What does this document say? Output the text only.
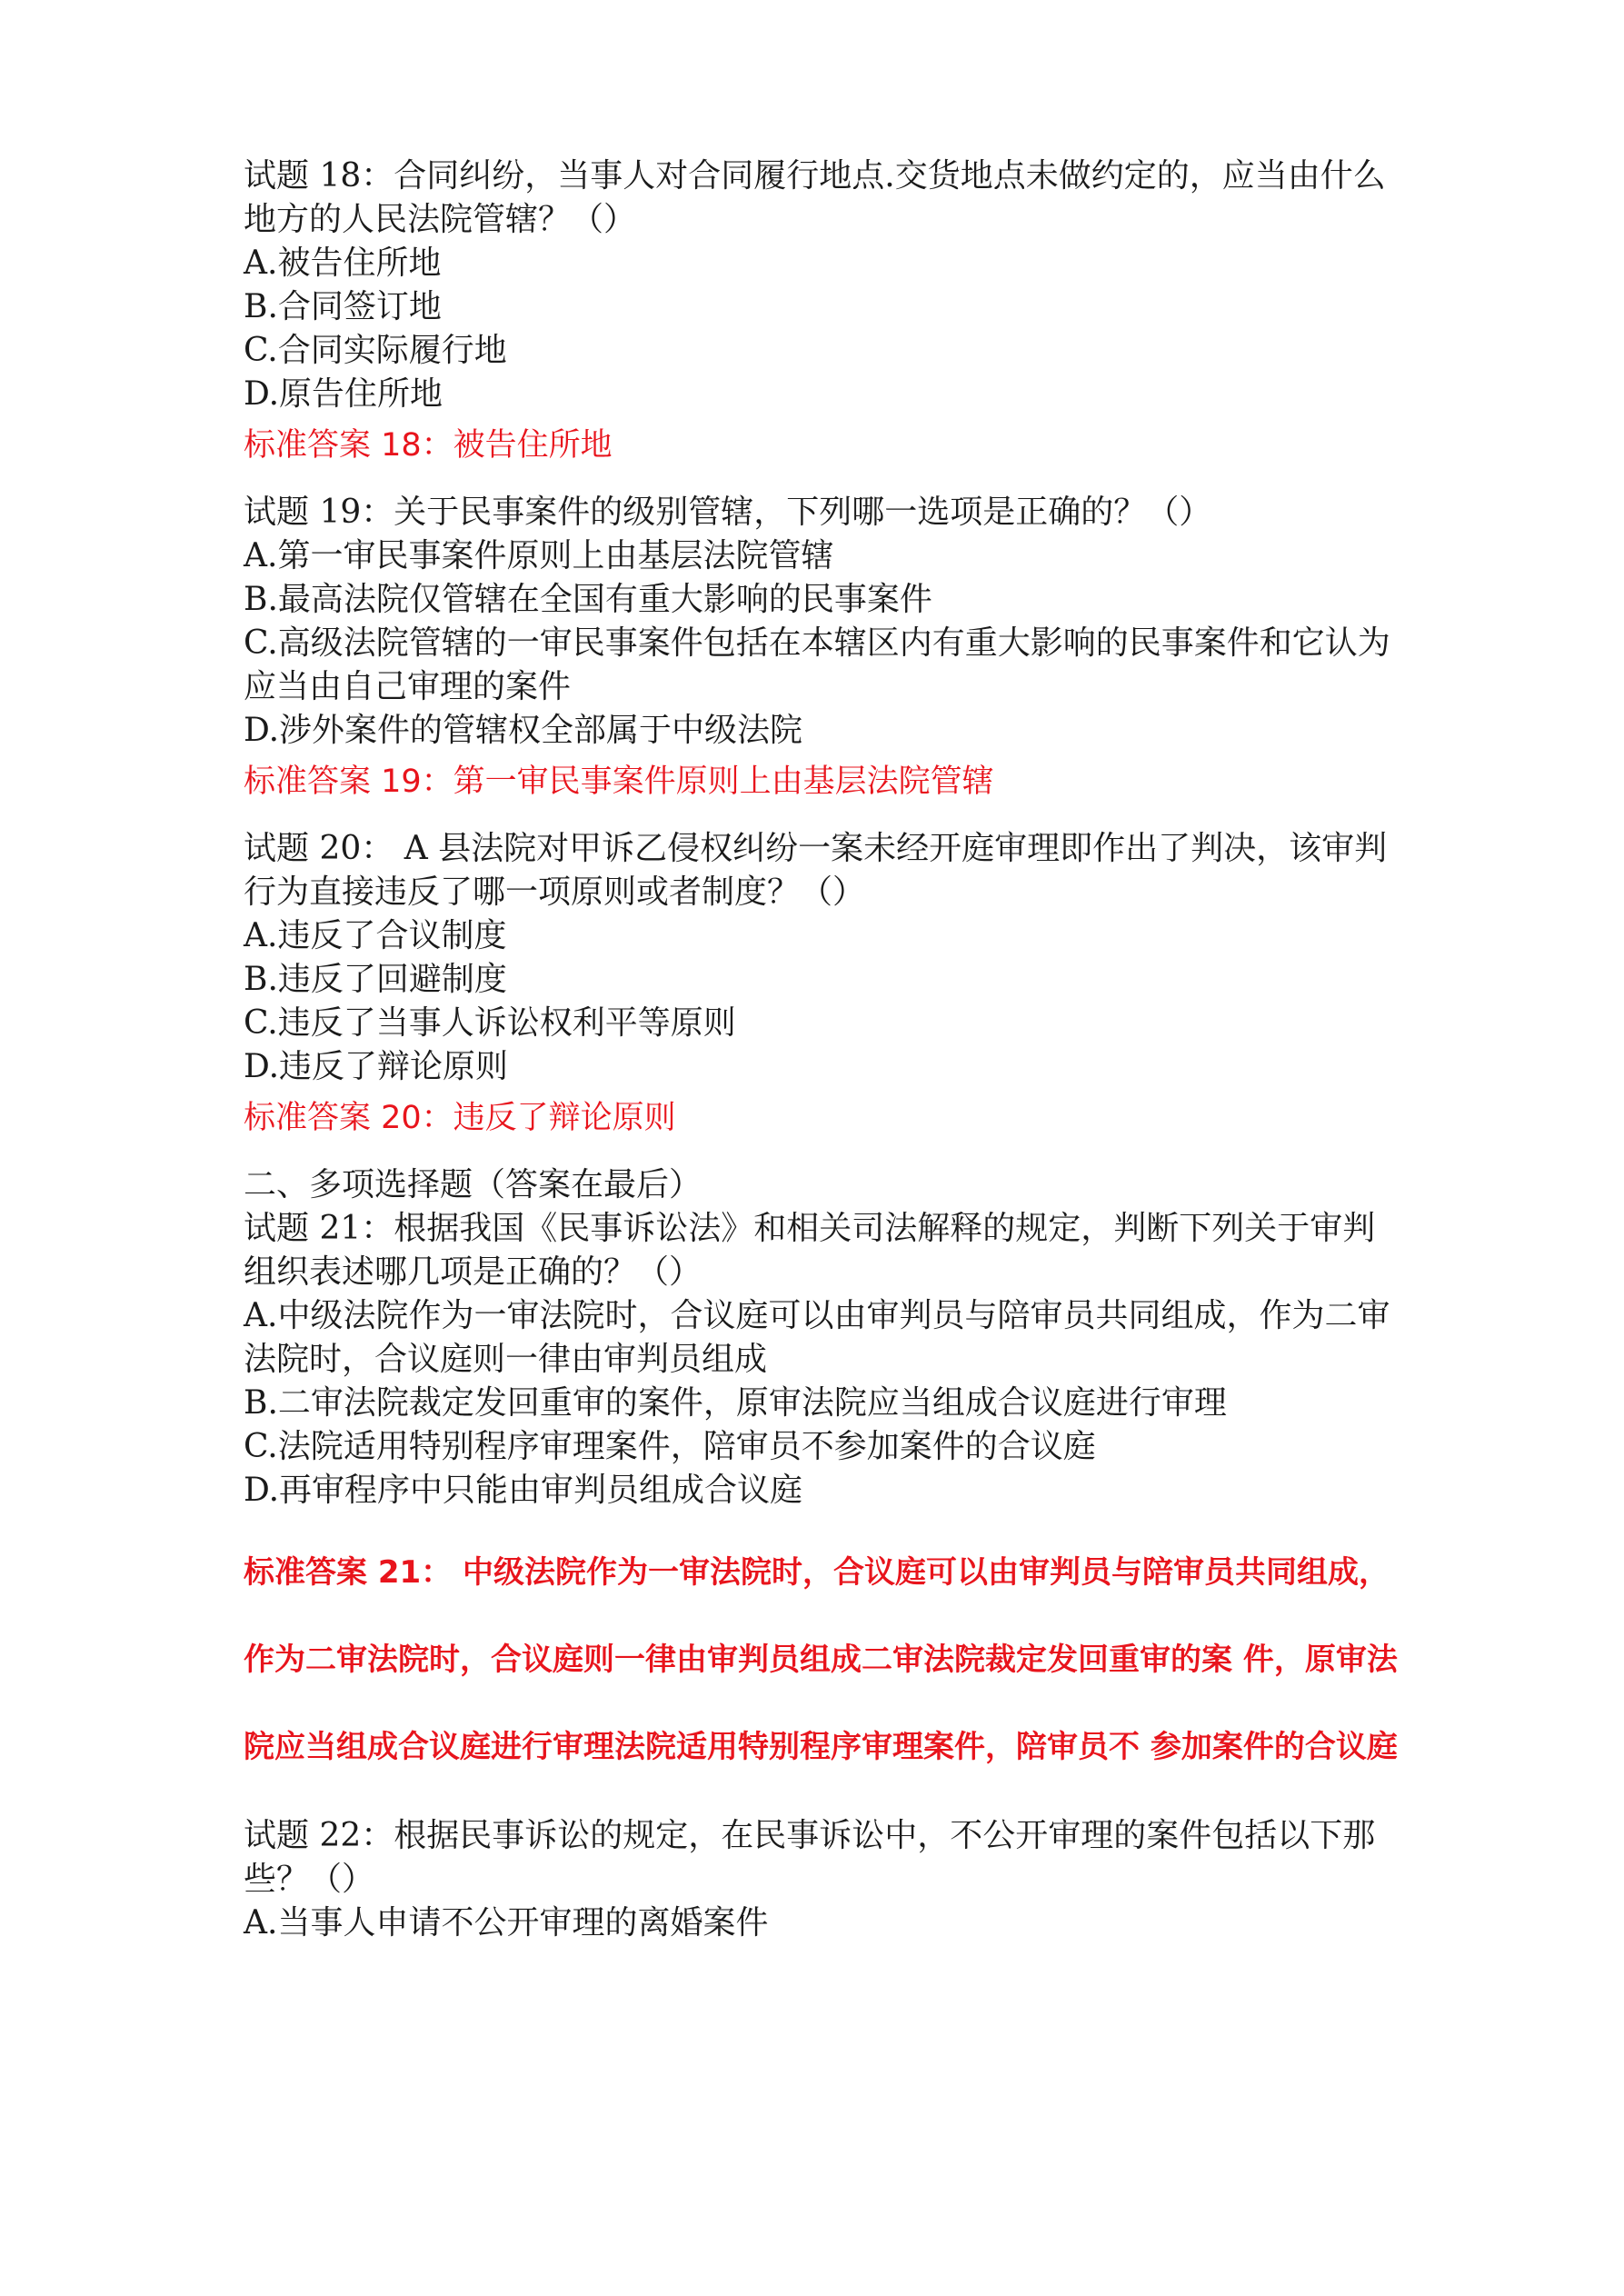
试题 18：合同纠纷，当事人对合同履行地点.交货地点未做约定的，应当由什么 地方的人民法院管辖？（）

A.被告住所地

B.合同签订地

C.合同实际履行地

D.原告住所地

标准答案 18：被告住所地

试题 19：关于民事案件的级别管辖，下列哪一选项是正确的？（）

A.第一审民事案件原则上由基层法院管辖

B.最高法院仅管辖在全国有重大影响的民事案件

C.高级法院管辖的一审民事案件包括在本辖区内有重大影响的民事案件和它认为应当由自己审理的案件

D.涉外案件的管辖权全部属于中级法院

标准答案 19：第一审民事案件原则上由基层法院管辖

试题 20： A 县法院对甲诉乙侵权纠纷一案未经开庭审理即作出了判决，该审判行为直接违反了哪一项原则或者制度？（）

A.违反了合议制度

B.违反了回避制度

C.违反了当事人诉讼权利平等原则

D.违反了辩论原则

标准答案 20：违反了辩论原则

二、多项选择题（答案在最后）

试题 21：根据我国《民事诉讼法》和相关司法解释的规定，判断下列关于审判 组织表述哪几项是正确的？（）

A.中级法院作为一审法院时，合议庭可以由审判员与陪审员共同组成，作为二审法院时，合议庭则一律由审判员组成

B.二审法院裁定发回重审的案件，原审法院应当组成合议庭进行审理

C.法院适用特别程序审理案件，陪审员不参加案件的合议庭

D.再审程序中只能由审判员组成合议庭

标准答案 21： 中级法院作为一审法院时，合议庭可以由审判员与陪审员共同组成，作为二审法院时，合议庭则一律由审判员组成二审法院裁定发回重审的案 件，原审法院应当组成合议庭进行审理法院适用特别程序审理案件，陪审员不 参加案件的合议庭

试题 22：根据民事诉讼的规定，在民事诉讼中，不公开审理的案件包括以下那 些？（）

A.当事人申请不公开审理的离婚案件
